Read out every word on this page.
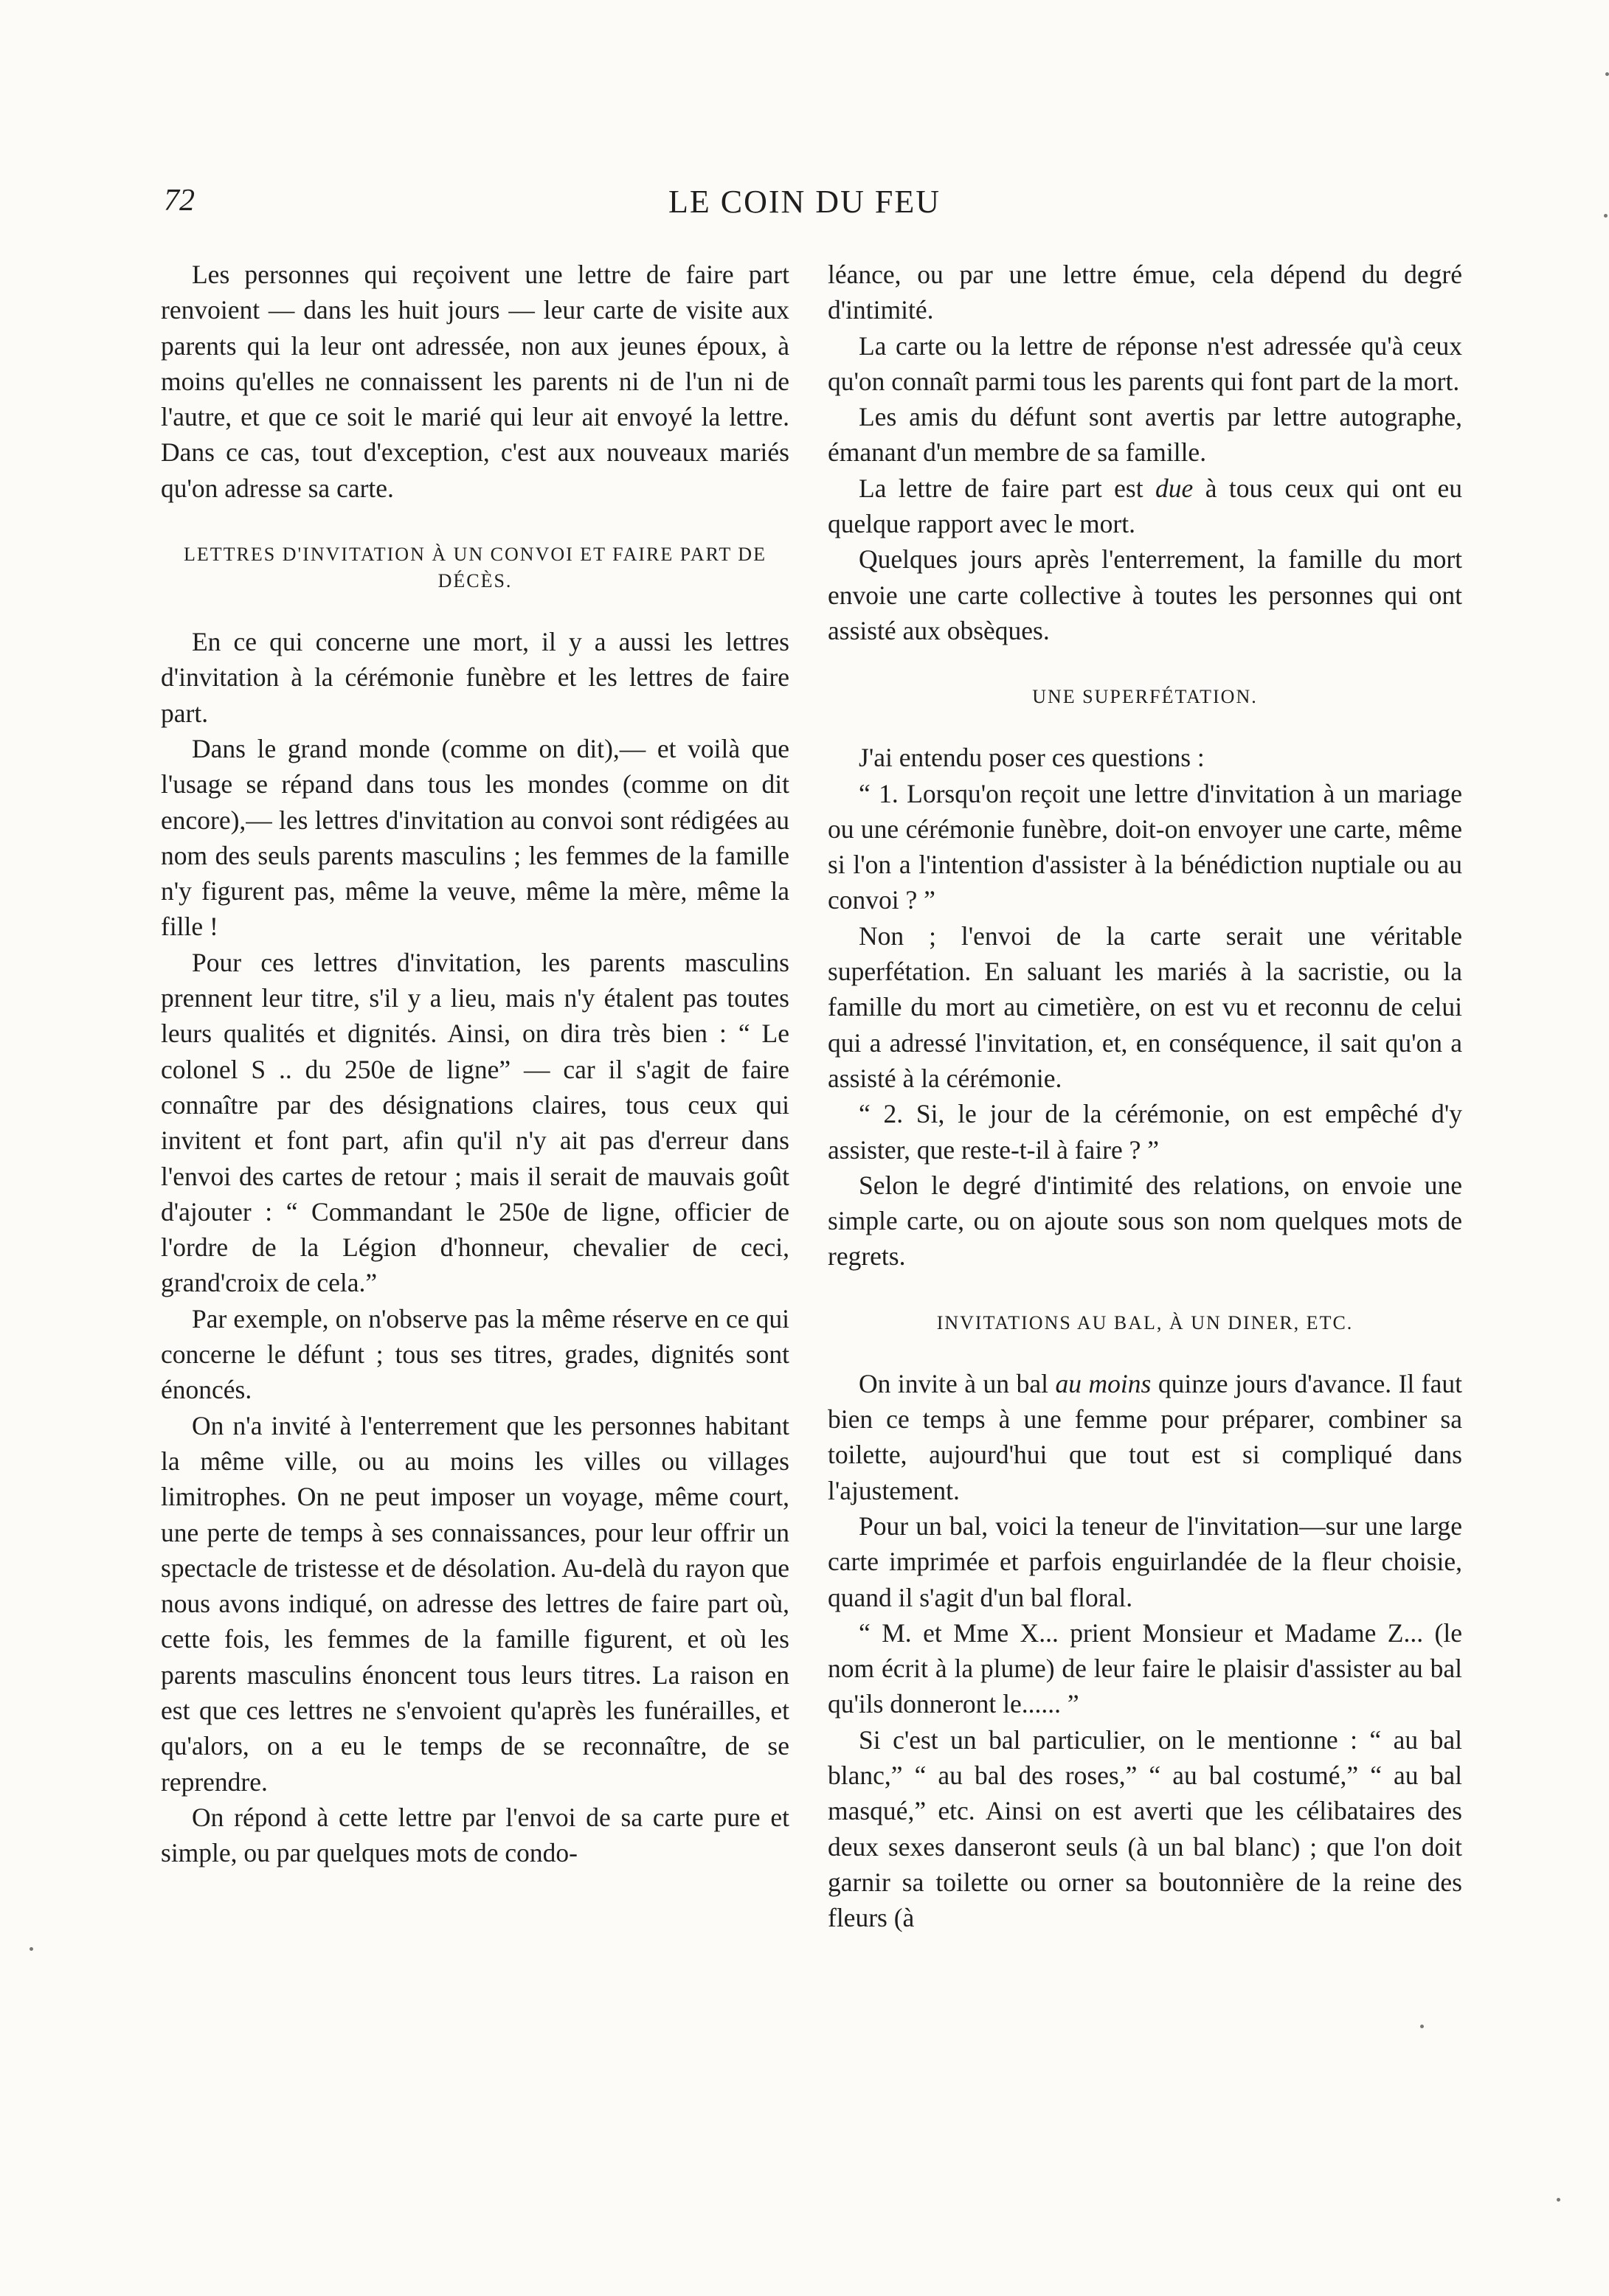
72	LE COIN DU FEU

Les personnes qui reçoivent une lettre de faire part renvoient — dans les huit jours — leur carte de visite aux parents qui la leur ont adressée, non aux jeunes époux, à moins qu'elles ne connaissent les parents ni de l'un ni de l'autre, et que ce soit le marié qui leur ait envoyé la lettre. Dans ce cas, tout d'exception, c'est aux nouveaux mariés qu'on adresse sa carte.

LETTRES D'INVITATION À UN CONVOI ET FAIRE PART DE DÉCÈS.

En ce qui concerne une mort, il y a aussi les lettres d'invitation à la cérémonie funèbre et les lettres de faire part.

Dans le grand monde (comme on dit),— et voilà que l'usage se répand dans tous les mondes (comme on dit encore),— les lettres d'invitation au convoi sont rédigées au nom des seuls parents masculins ; les femmes de la famille n'y figurent pas, même la veuve, même la mère, même la fille !

Pour ces lettres d'invitation, les parents masculins prennent leur titre, s'il y a lieu, mais n'y étalent pas toutes leurs qualités et dignités. Ainsi, on dira très bien : “ Le colonel S .. du 250e de ligne” — car il s'agit de faire connaître par des désignations claires, tous ceux qui invitent et font part, afin qu'il n'y ait pas d'erreur dans l'envoi des cartes de retour ; mais il serait de mauvais goût d'ajouter : “ Commandant le 250e de ligne, officier de l'ordre de la Légion d'honneur, chevalier de ceci, grand'croix de cela.”

Par exemple, on n'observe pas la même réserve en ce qui concerne le défunt ; tous ses titres, grades, dignités sont énoncés.

On n'a invité à l'enterrement que les personnes habitant la même ville, ou au moins les villes ou villages limitrophes. On ne peut imposer un voyage, même court, une perte de temps à ses connaissances, pour leur offrir un spectacle de tristesse et de désolation. Au-delà du rayon que nous avons indiqué, on adresse des lettres de faire part où, cette fois, les femmes de la famille figurent, et où les parents masculins énoncent tous leurs titres. La raison en est que ces lettres ne s'envoient qu'après les funérailles, et qu'alors, on a eu le temps de se reconnaître, de se reprendre.

On répond à cette lettre par l'envoi de sa carte pure et simple, ou par quelques mots de condo-

léance, ou par une lettre émue, cela dépend du degré d'intimité.

La carte ou la lettre de réponse n'est adressée qu'à ceux qu'on connaît parmi tous les parents qui font part de la mort.

Les amis du défunt sont avertis par lettre autographe, émanant d'un membre de sa famille.

La lettre de faire part est due à tous ceux qui ont eu quelque rapport avec le mort.

Quelques jours après l'enterrement, la famille du mort envoie une carte collective à toutes les personnes qui ont assisté aux obsèques.

UNE SUPERFÉTATION.

J'ai entendu poser ces questions :

“ 1. Lorsqu'on reçoit une lettre d'invitation à un mariage ou une cérémonie funèbre, doit-on envoyer une carte, même si l'on a l'intention d'assister à la bénédiction nuptiale ou au convoi ? ”

Non ; l'envoi de la carte serait une véritable superfétation. En saluant les mariés à la sacristie, ou la famille du mort au cimetière, on est vu et reconnu de celui qui a adressé l'invitation, et, en conséquence, il sait qu'on a assisté à la cérémonie.

“ 2. Si, le jour de la cérémonie, on est empêché d'y assister, que reste-t-il à faire ? ”

Selon le degré d'intimité des relations, on envoie une simple carte, ou on ajoute sous son nom quelques mots de regrets.

INVITATIONS AU BAL, À UN DINER, ETC.

On invite à un bal au moins quinze jours d'avance. Il faut bien ce temps à une femme pour préparer, combiner sa toilette, aujourd'hui que tout est si compliqué dans l'ajustement.

Pour un bal, voici la teneur de l'invitation—sur une large carte imprimée et parfois enguirlandée de la fleur choisie, quand il s'agit d'un bal floral.

“ M. et Mme X... prient Monsieur et Madame Z... (le nom écrit à la plume) de leur faire le plaisir d'assister au bal qu'ils donneront le...... ”

Si c'est un bal particulier, on le mentionne : “ au bal blanc,” “ au bal des roses,” “ au bal costumé,” “ au bal masqué,” etc. Ainsi on est averti que les célibataires des deux sexes danseront seuls (à un bal blanc) ; que l'on doit garnir sa toilette ou orner sa boutonnière de la reine des fleurs (à
